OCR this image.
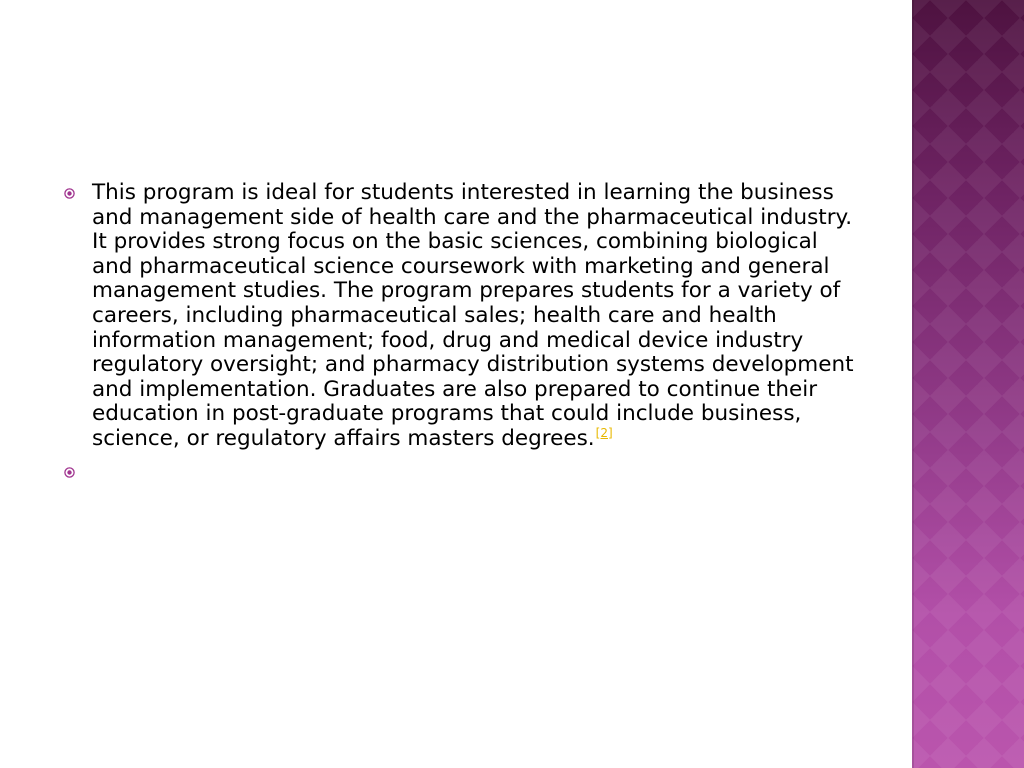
This program is ideal for students interested in learning the business and management side of health care and the pharmaceutical industry. It provides strong focus on the basic sciences, combining biological and pharmaceutical science coursework with marketing and general management studies. The program prepares students for a variety of careers, including pharmaceutical sales; health care and health information management; food, drug and medical device industry regulatory oversight; and pharmacy distribution systems development and implementation. Graduates are also prepared to continue their education in post-graduate programs that could include business, science, or regulatory affairs masters degrees.[2]
